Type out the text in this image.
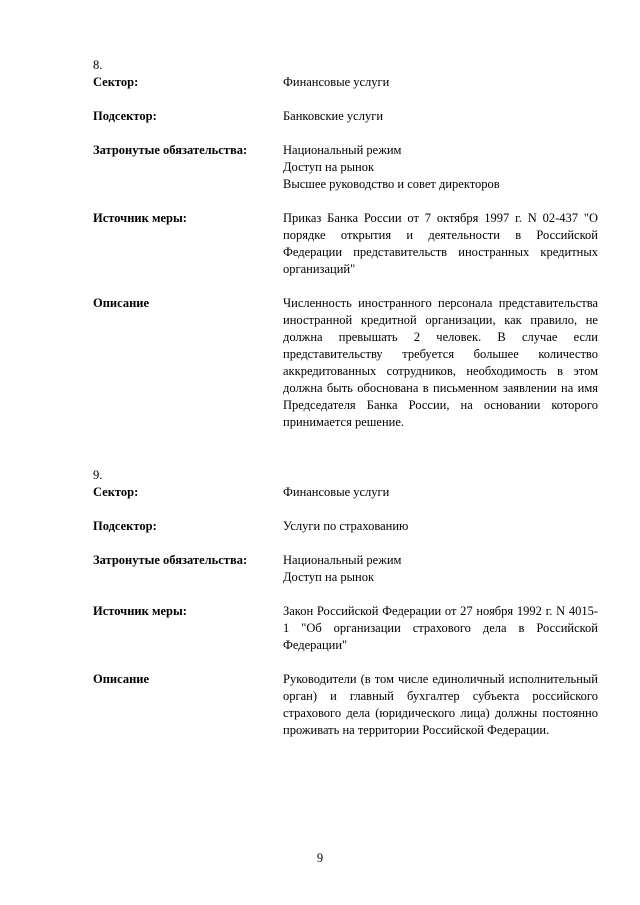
8.
Сектор:	Финансовые услуги
Подсектор:	Банковские услуги
Затронутые обязательства:	Национальный режим
Доступ на рынок
Высшее руководство и совет директоров
Источник меры:	Приказ Банка России от 7 октября 1997 г. N 02-437 "О порядке открытия и деятельности в Российской Федерации представительств иностранных кредитных организаций"

Описание	Численность иностранного персонала представительства иностранной кредитной организации, как правило, не должна превышать 2 человек. В случае если представительству требуется большее количество аккредитованных сотрудников, необходимость в этом должна быть обоснована в письменном заявлении на имя Председателя Банка России, на основании которого принимается решение.

9.
Сектор:	Финансовые услуги
Подсектор:	Услуги по страхованию
Затронутые обязательства:	Национальный режим
Доступ на рынок
Источник меры:	Закон Российской Федерации от 27 ноября 1992 г. N 4015-1 "Об организации страхового дела в Российской Федерации"

Описание	Руководители (в том числе единоличный исполнительный орган) и главный бухгалтер субъекта российского страхового дела (юридического лица) должны постоянно проживать на территории Российской Федерации.

9
